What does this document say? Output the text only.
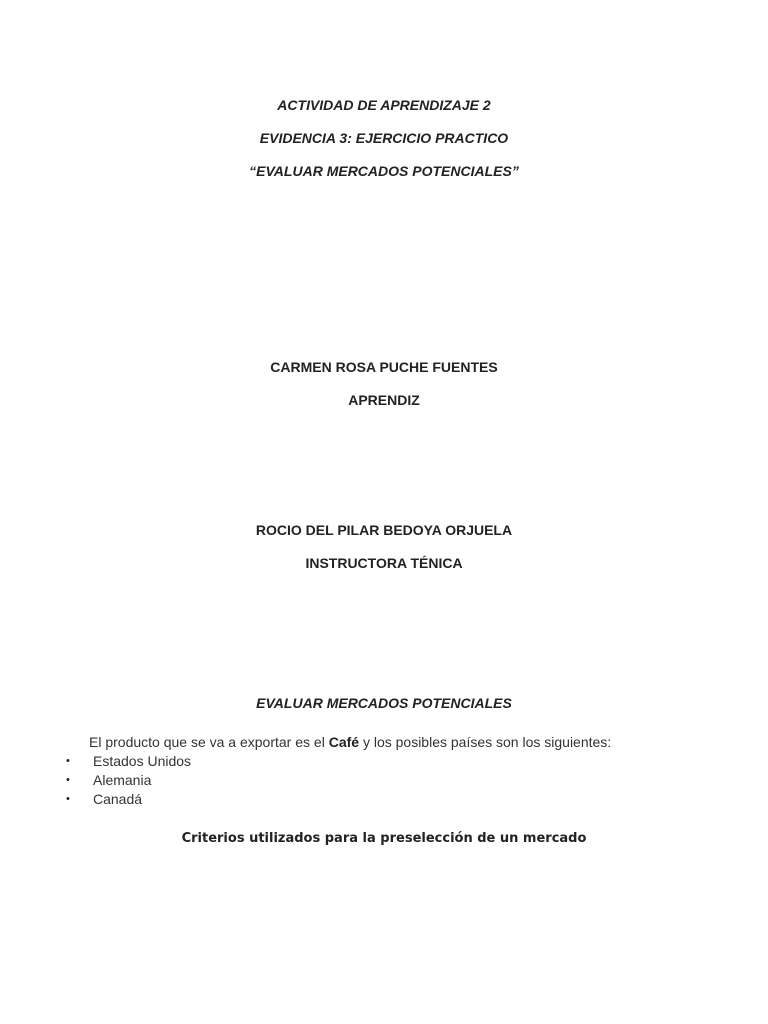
ACTIVIDAD DE APRENDIZAJE 2
EVIDENCIA 3: EJERCICIO PRACTICO
“EVALUAR MERCADOS POTENCIALES”
CARMEN ROSA PUCHE FUENTES
APRENDIZ
ROCIO DEL PILAR BEDOYA ORJUELA
INSTRUCTORA TÉNICA
EVALUAR MERCADOS POTENCIALES
El producto que se va a exportar es el Café y los posibles países son los siguientes:
• Estados Unidos
• Alemania
• Canadá
Criterios utilizados para la preselección de un mercado
